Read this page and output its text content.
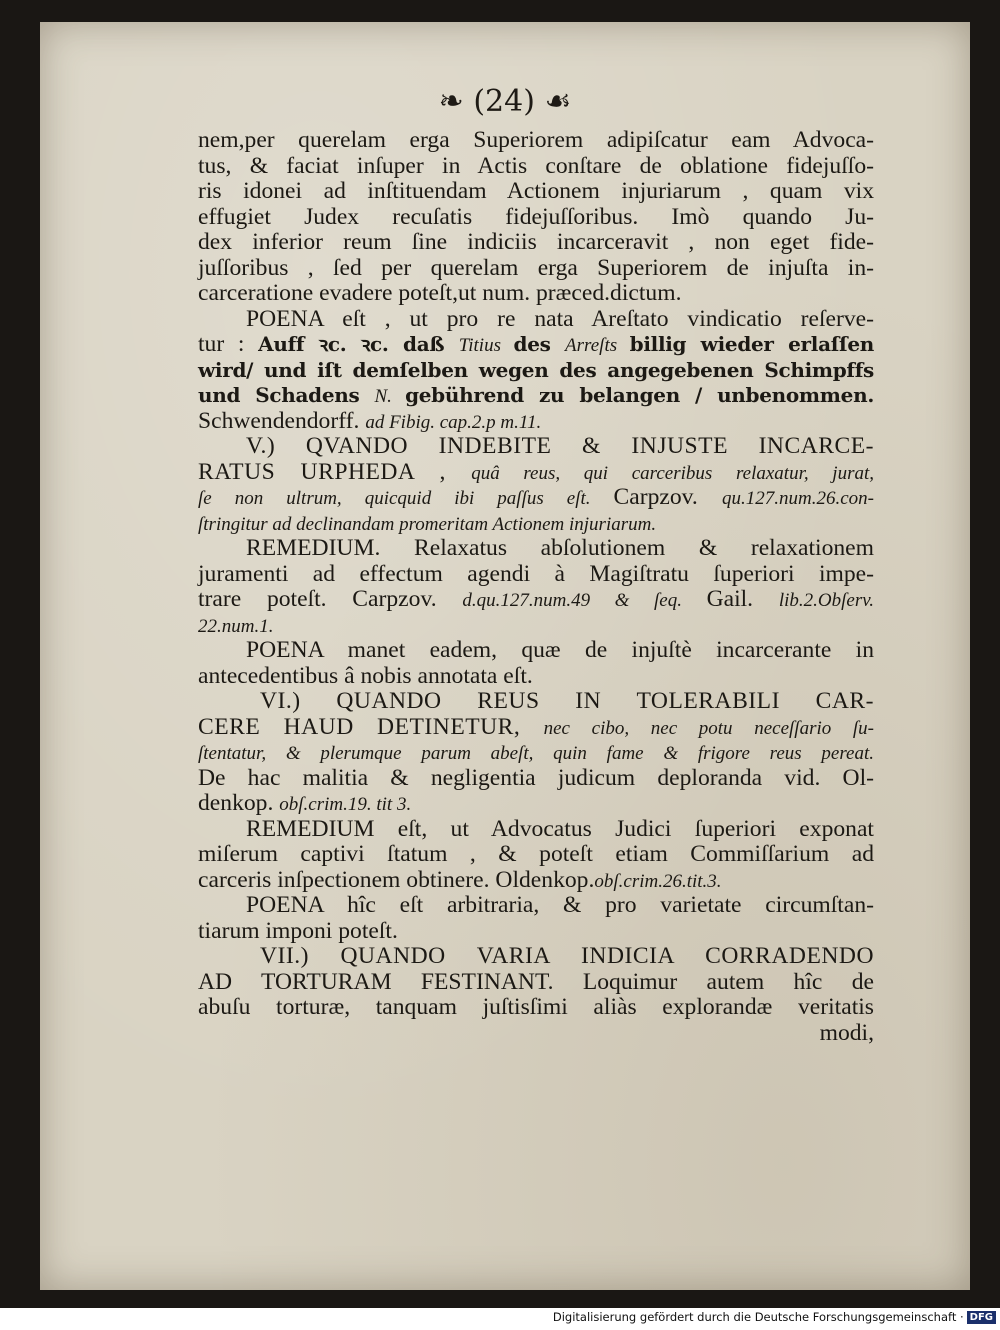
❧ (24) ☙
nem,per querelam erga Superiorem adipiſcatur eam Advoca-
tus, & faciat inſuper in Actis conſtare de oblatione fidejuſſo-
ris idonei ad inſtituendam Actionem injuriarum , quam vix
effugiet Judex recuſatis fidejuſſoribus. Imò quando Ju-
dex inferior reum ſine indiciis incarceravit , non eget fide-
juſſoribus , ſed per querelam erga Superiorem de injuſta in-
carceratione evadere poteſt,ut num. præced.dictum.
POENA eſt , ut pro re nata Areſtato vindicatio reſerve-
tur : Auff ꝛc. ꝛc. daß Titius des Arreſts billig wieder erlaſſen
wird/ und iſt demſelben wegen des angegebenen Schimpffs
und Schadens N. gebührend zu belangen / unbenommen.
Schwendendorff. ad Fibig. cap.2.p m.11.
V.) QVANDO INDEBITE & INJUSTE INCARCE-
RATUS URPHEDA , quâ reus, qui carceribus relaxatur, jurat,
ſe non ultrum, quicquid ibi paſſus eſt. Carpzov. qu.127.num.26.con-
ſtringitur ad declinandam promeritam Actionem injuriarum.
REMEDIUM. Relaxatus abſolutionem & relaxationem
juramenti ad effectum agendi à Magiſtratu ſuperiori impe-
trare poteſt. Carpzov. d.qu.127.num.49 & ſeq. Gail. lib.2.Obſerv.
22.num.1.
POENA manet eadem, quæ de injuſtè incarcerante in
antecedentibus â nobis annotata eſt.
VI.) QUANDO REUS IN TOLERABILI CAR-
CERE HAUD DETINETUR, nec cibo, nec potu neceſſario ſu-
ſtentatur, & plerumque parum abeſt, quin fame & frigore reus pereat.
De hac malitia & negligentia judicum deploranda vid. Ol-
denkop. obſ.crim.19. tit 3.
REMEDIUM eſt, ut Advocatus Judici ſuperiori exponat
miſerum captivi ſtatum , & poteſt etiam Commiſſarium ad
carceris inſpectionem obtinere. Oldenkop.obſ.crim.26.tit.3.
POENA hîc eſt arbitraria, & pro varietate circumſtan-
tiarum imponi poteſt.
VII.) QUANDO VARIA INDICIA CORRADENDO
AD TORTURAM FESTINANT. Loquimur autem hîc de
abuſu torturæ, tanquam juſtisſimi aliàs explorandæ veritatis
modi,
Digitalisierung gefördert durch die Deutsche Forschungsgemeinschaft · DFG
